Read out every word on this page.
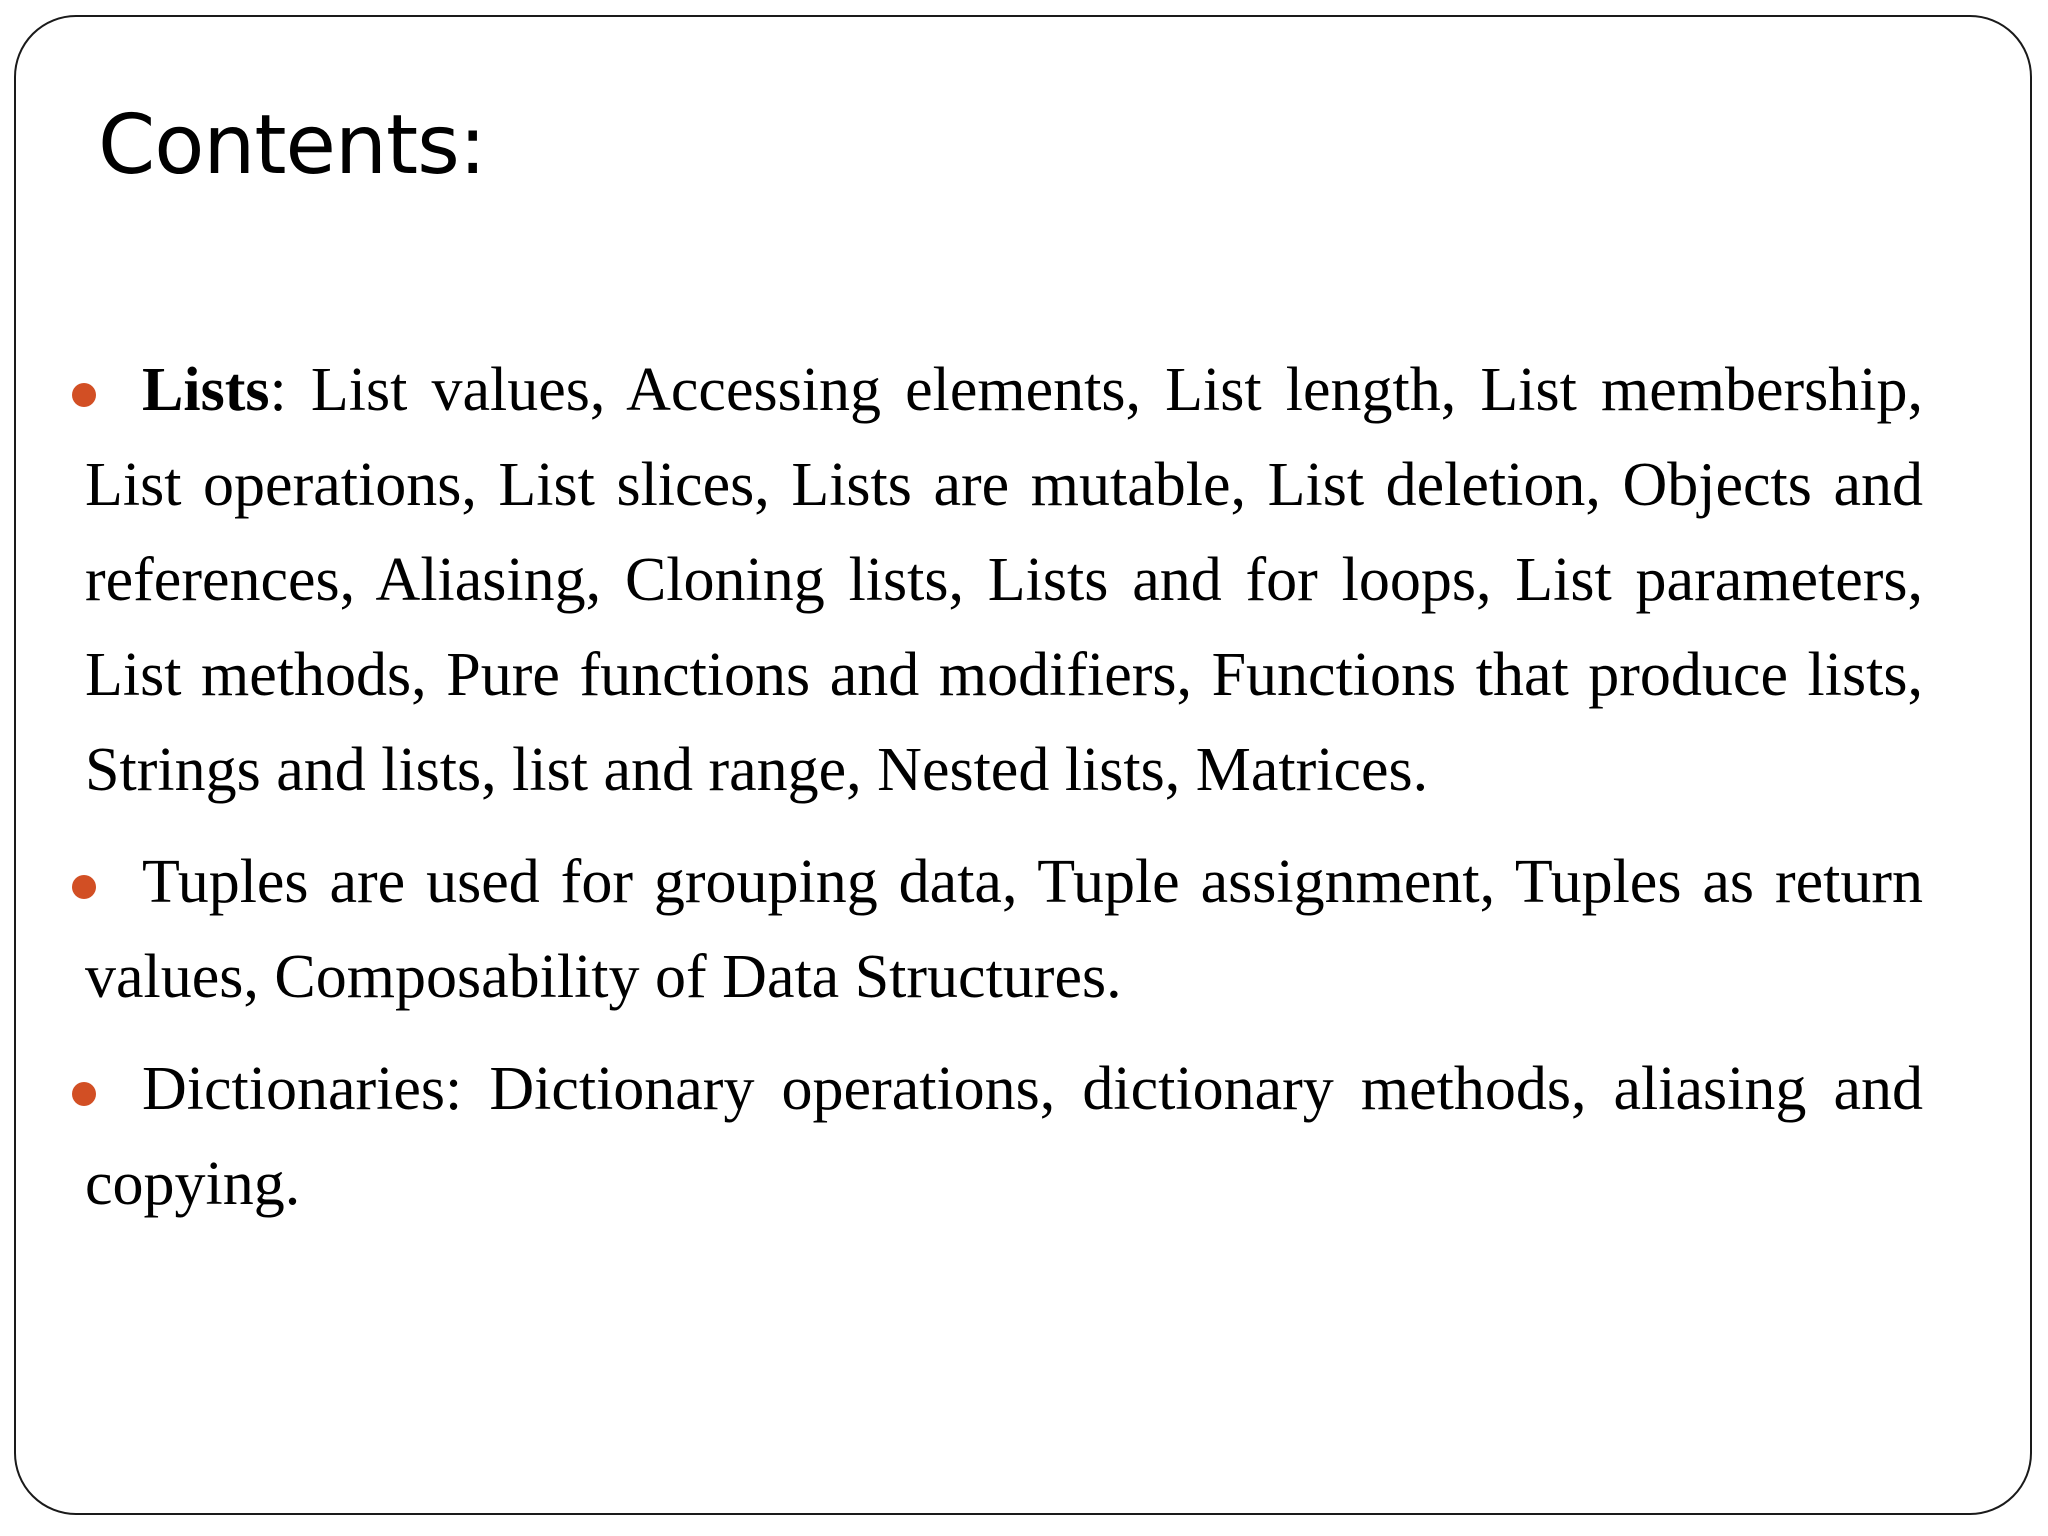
Contents:
Lists: List values, Accessing elements, List length, List membership, List operations, List slices, Lists are mutable, List deletion, Objects and references, Aliasing, Cloning lists, Lists and for loops, List parameters, List methods, Pure functions and modifiers, Functions that produce lists, Strings and lists, list and range, Nested lists, Matrices.
Tuples are used for grouping data, Tuple assignment, Tuples as return values, Composability of Data Structures.
Dictionaries: Dictionary operations, dictionary methods, aliasing and copying.
